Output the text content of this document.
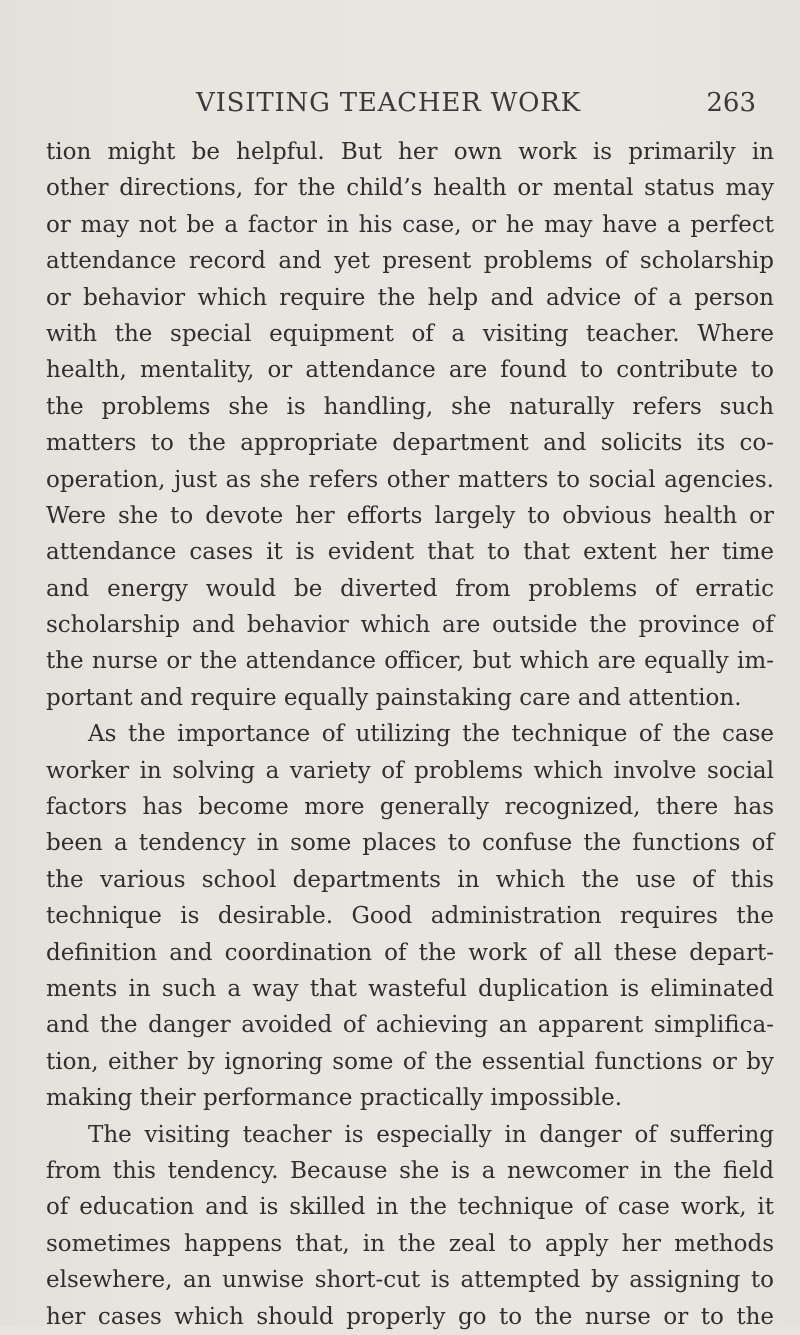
VISITING TEACHER WORK	263
tion might be helpful. But her own work is primarily in
other directions, for the child’s health or mental status may
or may not be a factor in his case, or he may have a perfect
attendance record and yet present problems of scholarship
or behavior which require the help and advice of a person
with the special equipment of a visiting teacher. Where
health, mentality, or attendance are found to contribute to
the problems she is handling, she naturally refers such
matters to the appropriate department and solicits its co-
operation, just as she refers other matters to social agencies.
Were she to devote her efforts largely to obvious health or
attendance cases it is evident that to that extent her time
and energy would be diverted from problems of erratic
scholarship and behavior which are outside the province of
the nurse or the attendance officer, but which are equally im-
portant and require equally painstaking care and attention.
As the importance of utilizing the technique of the case
worker in solving a variety of problems which involve social
factors has become more generally recognized, there has
been a tendency in some places to confuse the functions of
the various school departments in which the use of this
technique is desirable. Good administration requires the
definition and coordination of the work of all these depart-
ments in such a way that wasteful duplication is eliminated
and the danger avoided of achieving an apparent simplifica-
tion, either by ignoring some of the essential functions or by
making their performance practically impossible.
The visiting teacher is especially in danger of suffering
from this tendency. Because she is a newcomer in the field
of education and is skilled in the technique of case work, it
sometimes happens that, in the zeal to apply her methods
elsewhere, an unwise short-cut is attempted by assigning to
her cases which should properly go to the nurse or to the
